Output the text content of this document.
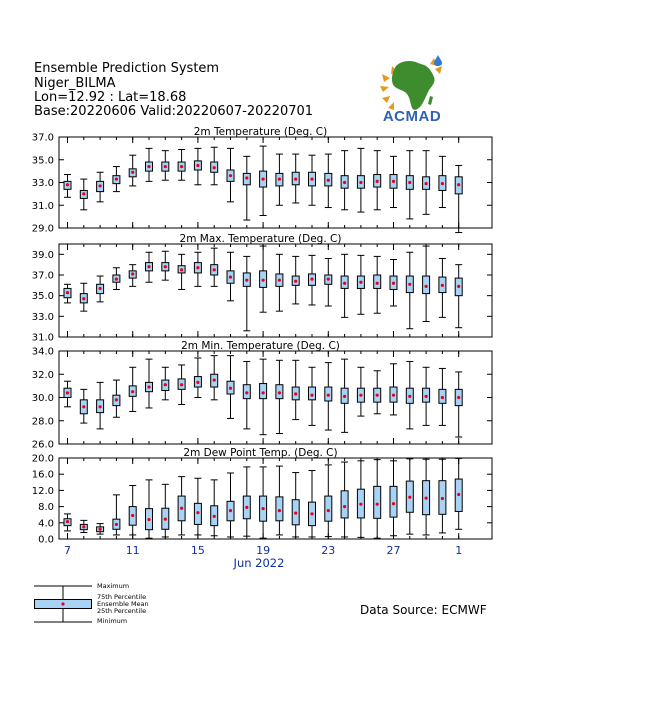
Ensemble Prediction System
Niger_BILMA
Lon=12.92 : Lat=18.68
Base:20220606 Valid:20220607-20220701	ACMAD
2m Temperature (Deg. C)
29.0
31.0
33.0
35.0
37.0
2m Max. Temperature (Deg. C)
31.0
33.0
35.0
37.0
39.0
2m Min. Temperature (Deg. C)
26.0
28.0
30.0
32.0
34.0
2m Dew Point Temp. (Deg. C)
0.0
4.0
8.0
12.0
16.0
20.0
7	11	15	19	23	27	1
Jun 2022
Maximum
75th Percentile
Ensemble Mean
25th Percentile
Minimum
Data Source: ECMWF
